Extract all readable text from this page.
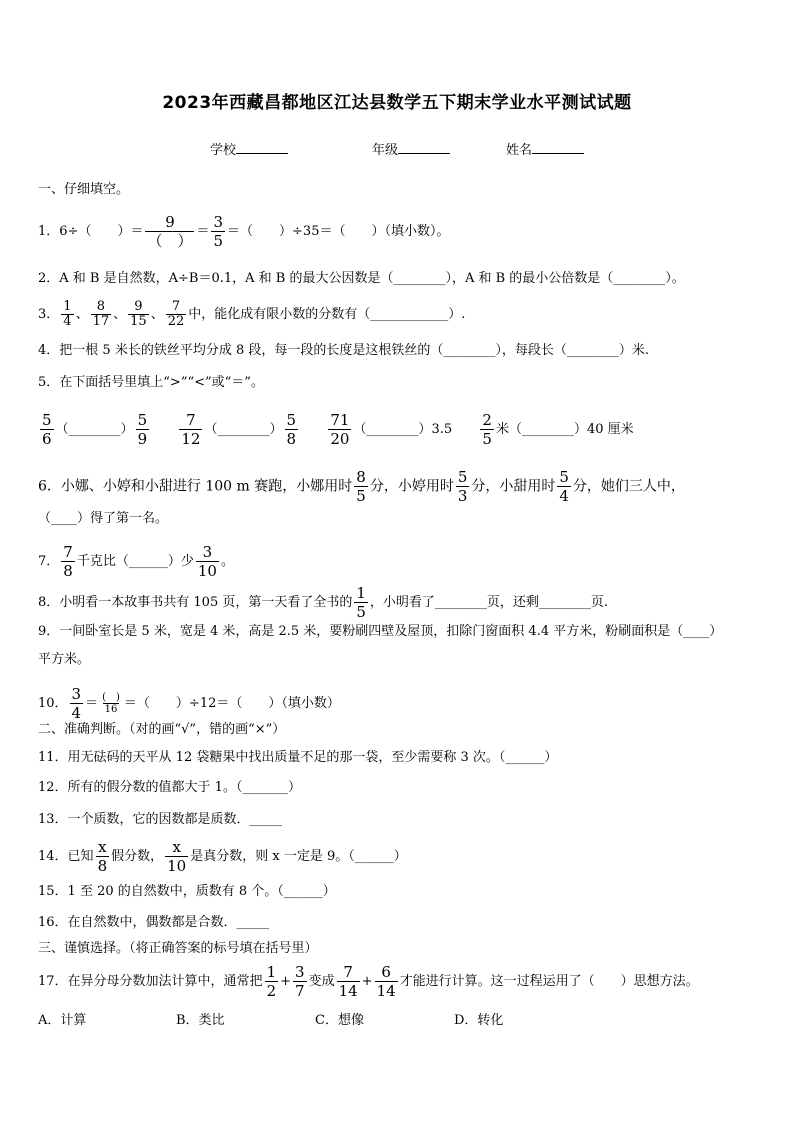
2023年西藏昌都地区江达县数学五下期末学业水平测试试题
学校	年级	姓名
一、仔细填空。
1．6÷（　　）＝ $\frac{9}{( )} = \frac{3}{5}$ ＝（　　）÷35＝（　　）（填小数）。
2．A 和 B 是自然数，A÷B＝0.1，A 和 B 的最大公因数是（________），A 和 B 的最小公倍数是（________）。
3． $\frac{1}{4}$ 、 $\frac{8}{17}$ 、 $\frac{9}{15}$ 、 $\frac{7}{22}$ 中，能化成有限小数的分数有（____________）.
4．把一根 5 米长的铁丝平均分成 8 段，每一段的长度是这根铁丝的（________），每段长（________）米.
5．在下面括号里填上“>”“<”或“＝”。
$\frac{5}{6}$ （________） $\frac{5}{9}$
$\frac{7}{12}$ （________） $\frac{5}{8}$
$\frac{71}{20}$ （________）3.5 $\frac{2}{5}$ 米（________）40 厘米
6．小娜、小婷和小甜进行 100 m 赛跑，小娜用时 $\frac{8}{5}$ 分，小婷用时 $\frac{5}{3}$ 分，小甜用时 $\frac{5}{4}$ 分，她们三人中，
（____）得了第一名。
7． $\frac{7}{8}$ 千克比（______）少 $\frac{3}{10}$ 。
8．小明看一本故事书共有 105 页，第一天看了全书的 $\frac{1}{5}$ ，小明看了________页，还剩________页.
9．一间卧室长是 5 米，宽是 4 米，高是 2.5 米，要粉刷四壁及屋顶，扣除门窗面积 4.4 平方米，粉刷面积是（____）
平方米。
10． $\frac{3}{4} = \frac{( )}{16}$ ＝（　　）÷12＝（　　）（填小数）
二、准确判断。（对的画“√”，错的画“×”）
11．用无砝码的天平从 12 袋糖果中找出质量不足的那一袋，至少需要称 3 次。（______）
12．所有的假分数的值都大于 1。（_______）
13．一个质数，它的因数都是质数．_____
14．已知 $\frac{x}{8}$ 假分数， $\frac{x}{10}$ 是真分数，则 x 一定是 9。（______）
15．1 至 20 的自然数中，质数有 8 个。（______）
16．在自然数中，偶数都是合数．_____
三、谨慎选择。（将正确答案的标号填在括号里）
17．在异分母分数加法计算中，通常把 $\frac{1}{2} + \frac{3}{7}$ 变成 $\frac{7}{14} + \frac{6}{14}$ 才能进行计算。这一过程运用了（　　）思想方法。
A．计算	B．类比	C．想像	D．转化
